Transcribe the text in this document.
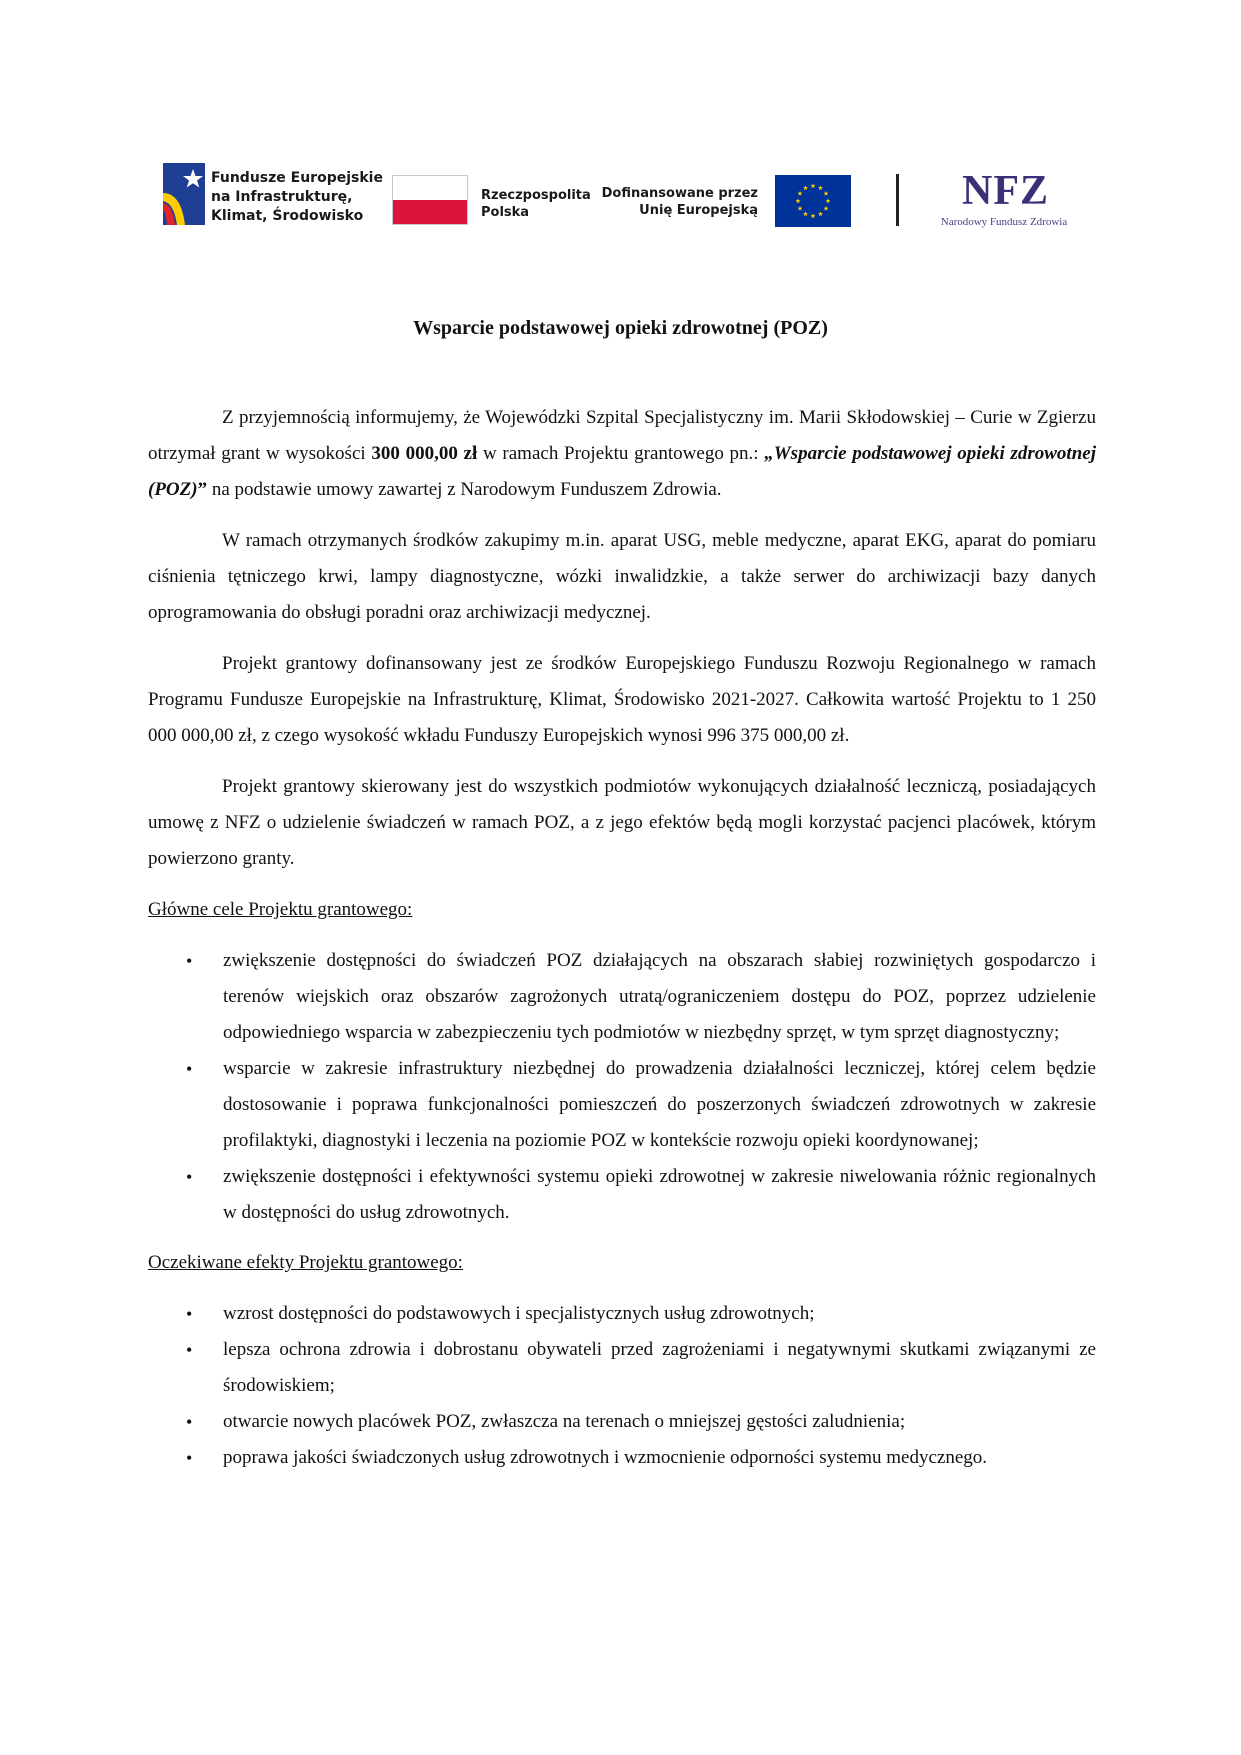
Fundusze Europejskie
na Infrastrukturę,
Klimat, Środowisko
Rzeczpospolita
Polska
Dofinansowane przez
Unię Europejską	NFZ
Narodowy Fundusz Zdrowia
Wsparcie podstawowej opieki zdrowotnej (POZ)

Z przyjemnością informujemy, że Wojewódzki Szpital Specjalistyczny im. Marii Skłodowskiej – Curie w Zgierzu otrzymał grant w wysokości 300 000,00 zł w ramach Projektu grantowego pn.: „Wsparcie podstawowej opieki zdrowotnej (POZ)” na podstawie umowy zawartej z Narodowym Funduszem Zdrowia.

W ramach otrzymanych środków zakupimy m.in. aparat USG, meble medyczne, aparat EKG, aparat do pomiaru ciśnienia tętniczego krwi, lampy diagnostyczne, wózki inwalidzkie, a także serwer do archiwizacji bazy danych oprogramowania do obsługi poradni oraz archiwizacji medycznej.

Projekt grantowy dofinansowany jest ze środków Europejskiego Funduszu Rozwoju Regionalnego w ramach Programu Fundusze Europejskie na Infrastrukturę, Klimat, Środowisko 2021-2027. Całkowita wartość Projektu to 1 250 000 000,00 zł, z czego wysokość wkładu Funduszy Europejskich wynosi 996 375 000,00 zł.

Projekt grantowy skierowany jest do wszystkich podmiotów wykonujących działalność leczniczą, posiadających umowę z NFZ o udzielenie świadczeń w ramach POZ, a z jego efektów będą mogli korzystać pacjenci placówek, którym powierzono granty.

Główne cele Projektu grantowego:
• zwiększenie dostępności do świadczeń POZ działających na obszarach słabiej rozwiniętych gospodarczo i terenów wiejskich oraz obszarów zagrożonych utratą/ograniczeniem dostępu do POZ, poprzez udzielenie odpowiedniego wsparcia w zabezpieczeniu tych podmiotów w niezbędny sprzęt, w tym sprzęt diagnostyczny;
• wsparcie w zakresie infrastruktury niezbędnej do prowadzenia działalności leczniczej, której celem będzie dostosowanie i poprawa funkcjonalności pomieszczeń do poszerzonych świadczeń zdrowotnych w zakresie profilaktyki, diagnostyki i leczenia na poziomie POZ w kontekście rozwoju opieki koordynowanej;
• zwiększenie dostępności i efektywności systemu opieki zdrowotnej w zakresie niwelowania różnic regionalnych w dostępności do usług zdrowotnych.
Oczekiwane efekty Projektu grantowego:
• wzrost dostępności do podstawowych i specjalistycznych usług zdrowotnych;
• lepsza ochrona zdrowia i dobrostanu obywateli przed zagrożeniami i negatywnymi skutkami związanymi ze środowiskiem;
• otwarcie nowych placówek POZ, zwłaszcza na terenach o mniejszej gęstości zaludnienia;
• poprawa jakości świadczonych usług zdrowotnych i wzmocnienie odporności systemu medycznego.
